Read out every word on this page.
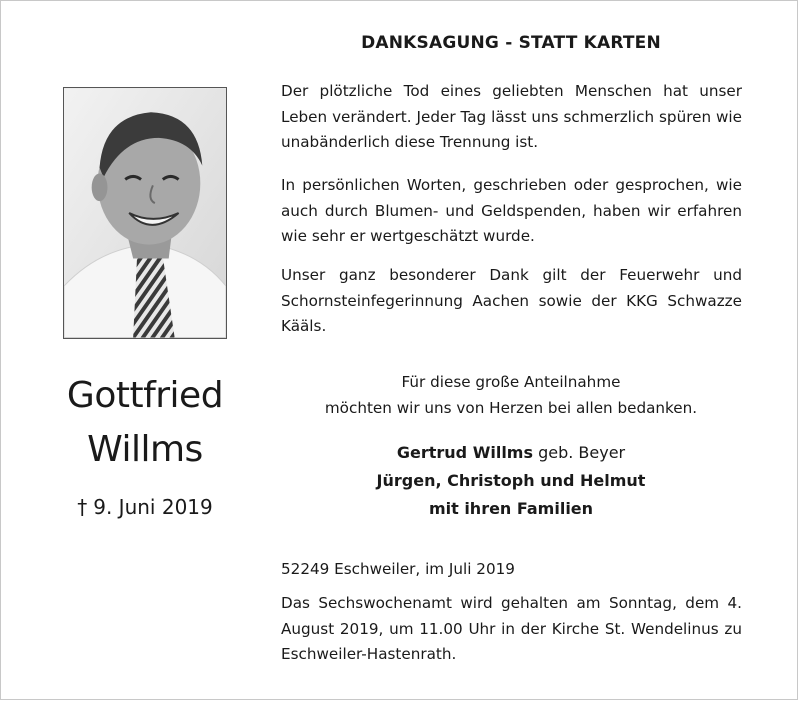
Gottfried
Willms
† 9. Juni 2019
DANKSAGUNG - STATT KARTEN

Der plötzliche Tod eines geliebten Menschen hat unser Leben verändert. Jeder Tag lässt uns schmerzlich spüren wie unabänderlich diese Trennung ist.

In persönlichen Worten, geschrieben oder gesprochen, wie auch durch Blumen- und Geldspenden, haben wir erfahren wie sehr er wertgeschätzt wurde.

Unser ganz besonderer Dank gilt der Feuerwehr und Schornsteinfegerinnung Aachen sowie der KKG Schwazze Kääls.

Für diese große Anteilnahme
möchten wir uns von Herzen bei allen bedanken.
Gertrud Willms geb. Beyer
Jürgen, Christoph und Helmut
mit ihren Familien
52249 Eschweiler, im Juli 2019

Das Sechswochenamt wird gehalten am Sonntag, dem 4. August 2019, um 11.00 Uhr in der Kirche St. Wendelinus zu Eschweiler-Hastenrath.
